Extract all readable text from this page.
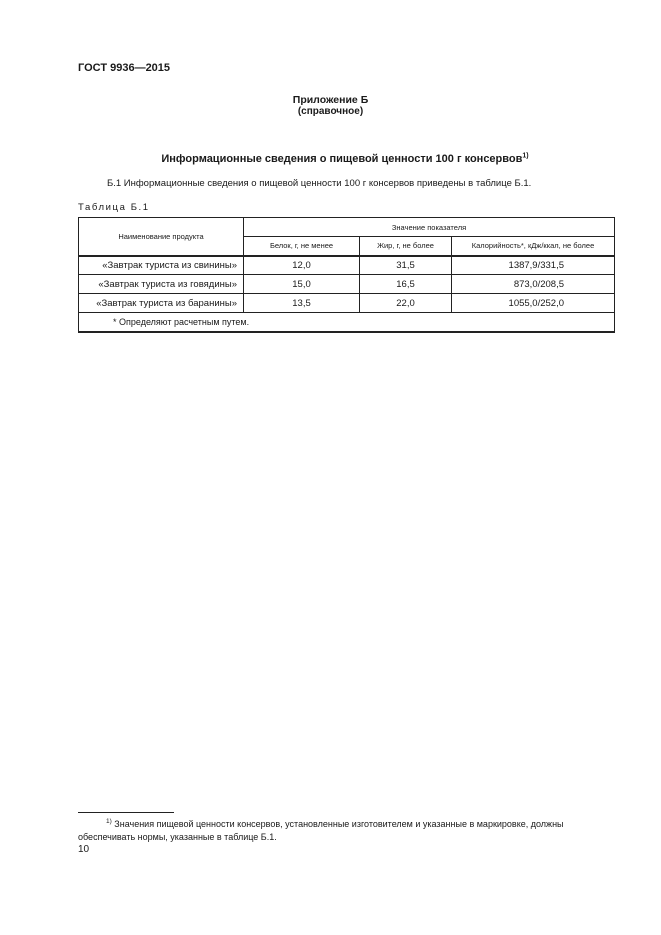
ГОСТ 9936—2015
Приложение Б
(справочное)
Информационные сведения о пищевой ценности 100 г консервов$^{1)}$
Б.1 Информационные сведения о пищевой ценности 100 г консервов приведены в таблице Б.1.
Таблица Б.1
Наименование продукта	Значение показателя		
	Белок, г, не менее	Жир, г, не более	Калорийность*, кДж/ккал, не более
«Завтрак туриста из свинины»	12,0	31,5	1387,9/331,5
«Завтрак туриста из говядины»	15,0	16,5	873,0/208,5
«Завтрак туриста из баранины»	13,5	22,0	1055,0/252,0
* Определяют расчетным путем.			
$^{1)}$ Значения пищевой ценности консервов, установленные изготовителем и указанные в маркировке, должны обеспечивать нормы, указанные в таблице Б.1.
10
